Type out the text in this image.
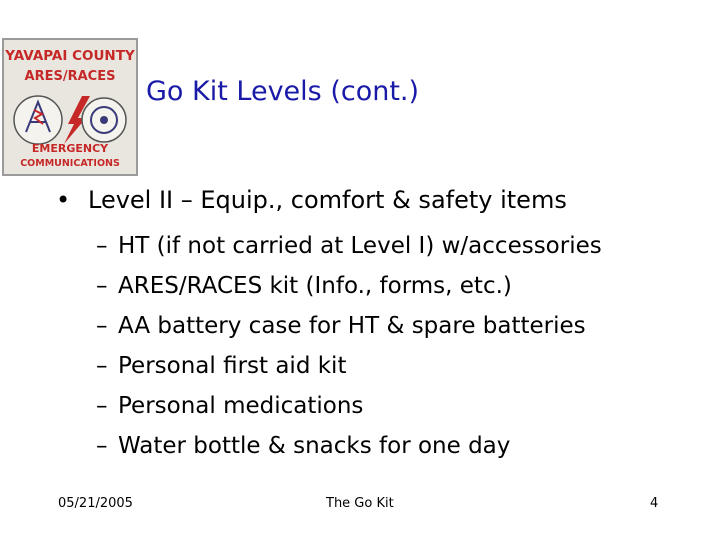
YAVAPAI COUNTY
ARES/RACES
EMERGENCY
COMMUNICATIONS
Go Kit Levels (cont.)
• Level II – Equip., comfort & safety items
– HT (if not carried at Level I) w/accessories
– ARES/RACES kit (Info., forms, etc.)
– AA battery case for HT & spare batteries
– Personal first aid kit
– Personal medications
– Water bottle & snacks for one day
05/21/2005	The Go Kit	4
